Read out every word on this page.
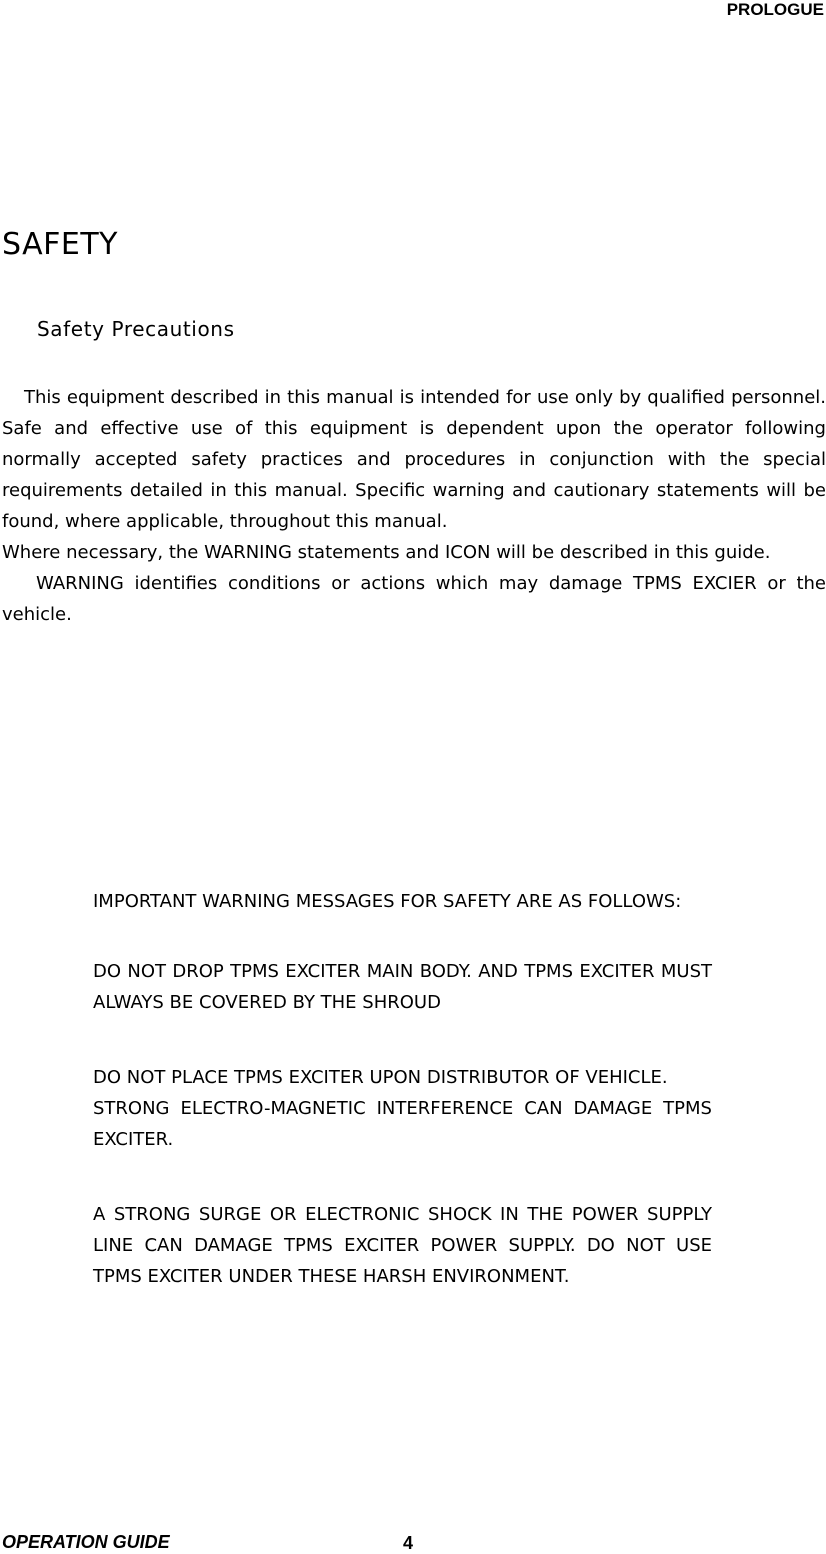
PROLOGUE
SAFETY
Safety Precautions

This equipment described in this manual is intended for use only by qualified personnel. Safe and effective use of this equipment is dependent upon the operator following normally accepted safety practices and procedures in conjunction with the special requirements detailed in this manual. Specific warning and cautionary statements will be found, where applicable, throughout this manual.

Where necessary, the WARNING statements and ICON will be described in this guide.

WARNING identifies conditions or actions which may damage TPMS EXCIER or the vehicle.

IMPORTANT WARNING MESSAGES FOR SAFETY ARE AS FOLLOWS:

DO NOT DROP TPMS EXCITER MAIN BODY. AND TPMS EXCITER MUST ALWAYS BE COVERED BY THE SHROUD

DO NOT PLACE TPMS EXCITER UPON DISTRIBUTOR OF VEHICLE.

STRONG ELECTRO-MAGNETIC INTERFERENCE CAN DAMAGE TPMS EXCITER.

A STRONG SURGE OR ELECTRONIC SHOCK IN THE POWER SUPPLY LINE CAN DAMAGE TPMS EXCITER POWER SUPPLY. DO NOT USE TPMS EXCITER UNDER THESE HARSH ENVIRONMENT.

OPERATION GUIDE	4
